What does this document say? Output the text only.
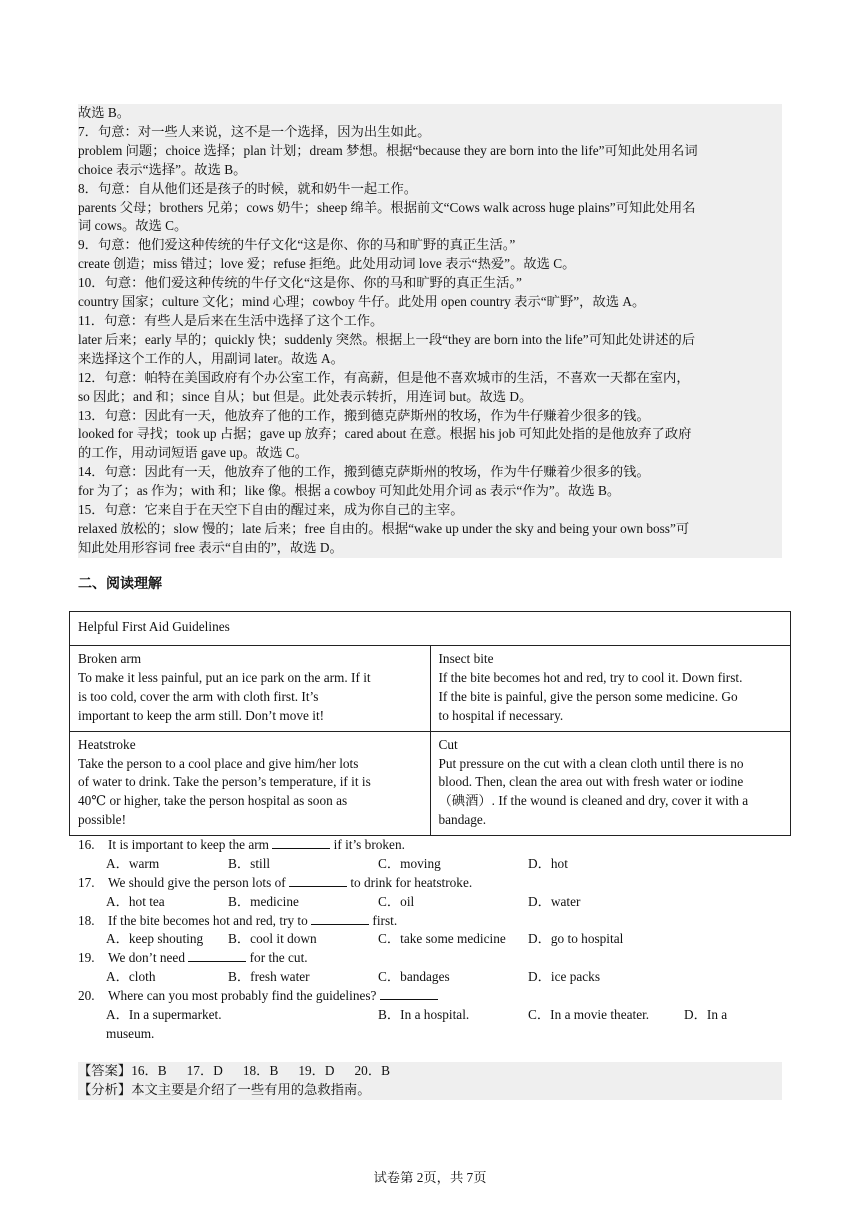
故选 B。
7．句意：对一些人来说，这不是一个选择，因为出生如此。
problem 问题；choice 选择；plan 计划；dream 梦想。根据“because they are born into the life”可知此处用名词
choice 表示“选择”。故选 B。
8．句意：自从他们还是孩子的时候，就和奶牛一起工作。
parents 父母；brothers 兄弟；cows 奶牛；sheep 绵羊。根据前文“Cows walk across huge plains”可知此处用名
词 cows。故选 C。
9．句意：他们爱这种传统的牛仔文化“这是你、你的马和旷野的真正生活。”
create 创造；miss 错过；love 爱；refuse 拒绝。此处用动词 love 表示“热爱”。故选 C。
10．句意：他们爱这种传统的牛仔文化“这是你、你的马和旷野的真正生活。”
country 国家；culture 文化；mind 心理；cowboy 牛仔。此处用 open country 表示“旷野”，故选 A。
11．句意：有些人是后来在生活中选择了这个工作。
later 后来；early 早的；quickly 快；suddenly 突然。根据上一段“they are born into the life”可知此处讲述的后
来选择这个工作的人，用副词 later。故选 A。
12．句意：帕特在美国政府有个办公室工作，有高薪，但是他不喜欢城市的生活，不喜欢一天都在室内，
so 因此；and 和；since 自从；but 但是。此处表示转折，用连词 but。故选 D。
13．句意：因此有一天，他放弃了他的工作，搬到德克萨斯州的牧场，作为牛仔赚着少很多的钱。
looked for 寻找；took up 占据；gave up 放弃；cared about 在意。根据 his job 可知此处指的是他放弃了政府
的工作，用动词短语 gave up。故选 C。
14．句意：因此有一天，他放弃了他的工作，搬到德克萨斯州的牧场，作为牛仔赚着少很多的钱。
for 为了；as 作为；with 和；like 像。根据 a cowboy 可知此处用介词 as 表示“作为”。故选 B。
15．句意：它来自于在天空下自由的醒过来，成为你自己的主宰。
relaxed 放松的；slow 慢的；late 后来；free 自由的。根据“wake up under the sky and being your own boss”可
知此处用形容词 free 表示“自由的”，故选 D。
二、阅读理解
Helpful First Aid Guidelines	

Broken arm
To make it less painful, put an ice park on the arm. If it
is too cold, cover the arm with cloth first. It’s
important to keep the arm still. Don’t move it!	Insect bite
If the bite becomes hot and red, try to cool it. Down first.
If the bite is painful, give the person some medicine. Go
to hospital if necessary.

Heatstroke
Take the person to a cool place and give him/her lots
of water to drink. Take the person’s temperature, if it is
40℃ or higher, take the person hospital as soon as
possible!	Cut
Put pressure on the cut with a clean cloth until there is no
blood. Then, clean the area out with fresh water or iodine
（碘酒）. If the wound is cleaned and dry, cover it with a
bandage.
16. It is important to keep the arm	if it’s broken.
A．warm	B．still	C．moving	D．hot
17. We should give the person lots of	to drink for heatstroke.
A．hot tea	B．medicine	C．oil	D．water
18. If the bite becomes hot and red, try to	first.
A．keep shouting B．cool it down	C．take some medicine D．go to hospital
19. We don’t need	for the cut.
A．cloth	B．fresh water	C．bandages	D．ice packs
20. Where can you most probably find the guidelines?
A．In a supermarket.	B．In a hospital.	C．In a movie theater.	D．In a
museum.
【答案】16．B 17．D 18．B 19．D 20．B
【分析】本文主要是介绍了一些有用的急救指南。
试卷第 2页，共 7页
